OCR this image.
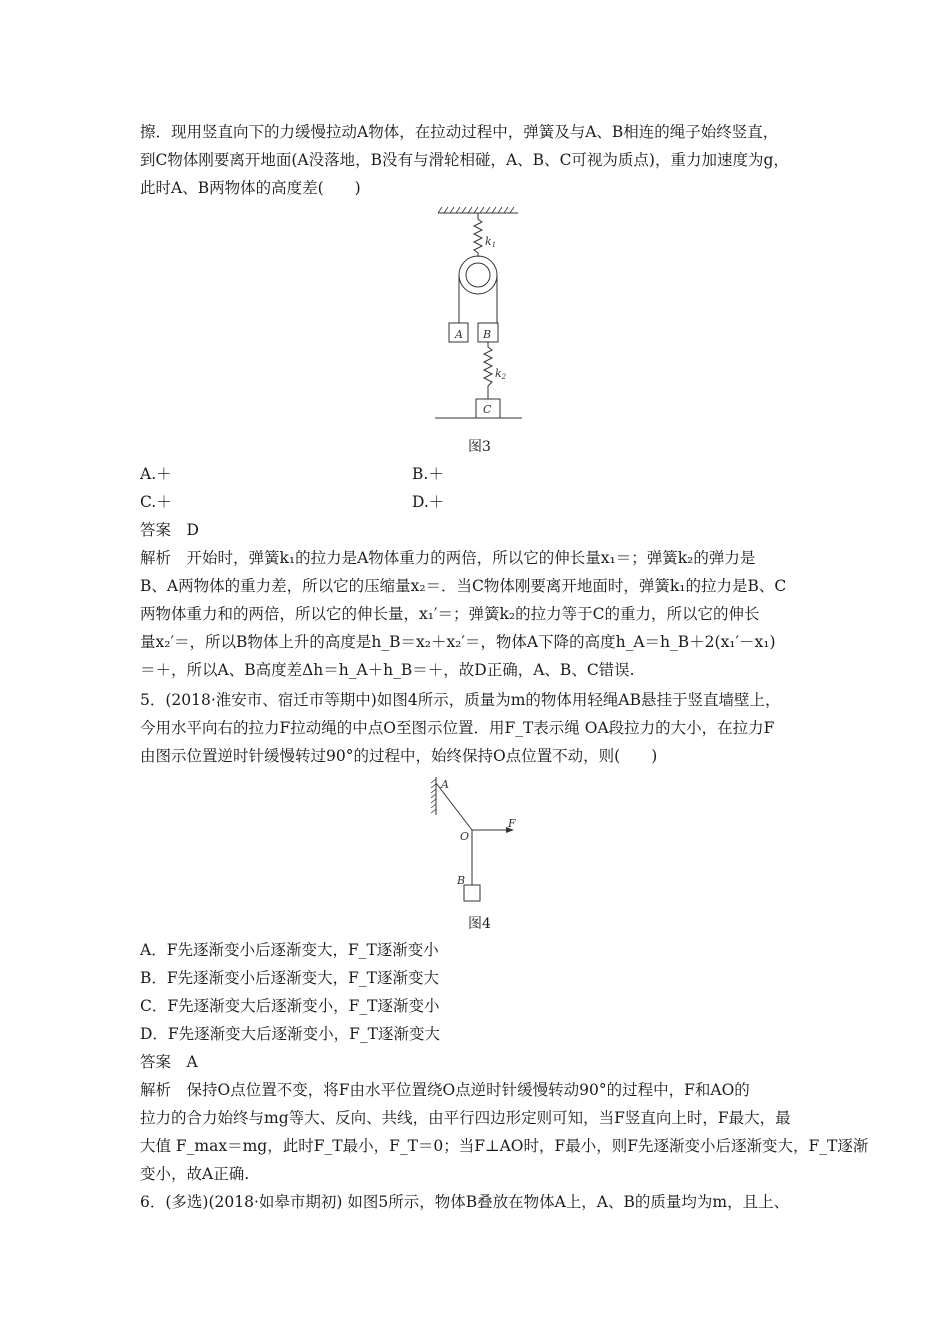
擦．现用竖直向下的力缓慢拉动A物体，在拉动过程中，弹簧及与A、B相连的绳子始终竖直，
到C物体刚要离开地面(A没落地，B没有与滑轮相碰，A、B、C可视为质点)，重力加速度为g，
此时A、B两物体的高度差(　　)
k1
A B
k2
C
图3
A.＋	B.＋
C.＋	D.＋
答案　D
解析　开始时，弹簧k₁的拉力是A物体重力的两倍，所以它的伸长量x₁＝；弹簧k₂的弹力是
B、A两物体的重力差，所以它的压缩量x₂＝．当C物体刚要离开地面时，弹簧k₁的拉力是B、C
两物体重力和的两倍，所以它的伸长量，x₁′＝；弹簧k₂的拉力等于C的重力，所以它的伸长
量x₂′＝，所以B物体上升的高度是h_B＝x₂＋x₂′＝，物体A下降的高度h_A＝h_B＋2(x₁′－x₁)
＝＋，所以A、B高度差Δh＝h_A＋h_B＝＋，故D正确，A、B、C错误.
5．(2018·淮安市、宿迁市等期中)如图4所示，质量为m的物体用轻绳AB悬挂于竖直墙壁上，
今用水平向右的拉力F拉动绳的中点O至图示位置．用F_T表示绳 OA段拉力的大小，在拉力F
由图示位置逆时针缓慢转过90°的过程中，始终保持O点位置不动，则(　　)
A
O
F
B
图4
A．F先逐渐变小后逐渐变大，F_T逐渐变小
B．F先逐渐变小后逐渐变大，F_T逐渐变大
C．F先逐渐变大后逐渐变小，F_T逐渐变小
D．F先逐渐变大后逐渐变小，F_T逐渐变大
答案　A
解析　保持O点位置不变，将F由水平位置绕O点逆时针缓慢转动90°的过程中，F和AO的
拉力的合力始终与mg等大、反向、共线，由平行四边形定则可知，当F竖直向上时，F最大，最
大值 F_max＝mg，此时F_T最小，F_T＝0；当F⊥AO时，F最小，则F先逐渐变小后逐渐变大，F_T逐渐
变小，故A正确.
6．(多选)(2018·如皋市期初) 如图5所示，物体B叠放在物体A上，A、B的质量均为m，且上、
